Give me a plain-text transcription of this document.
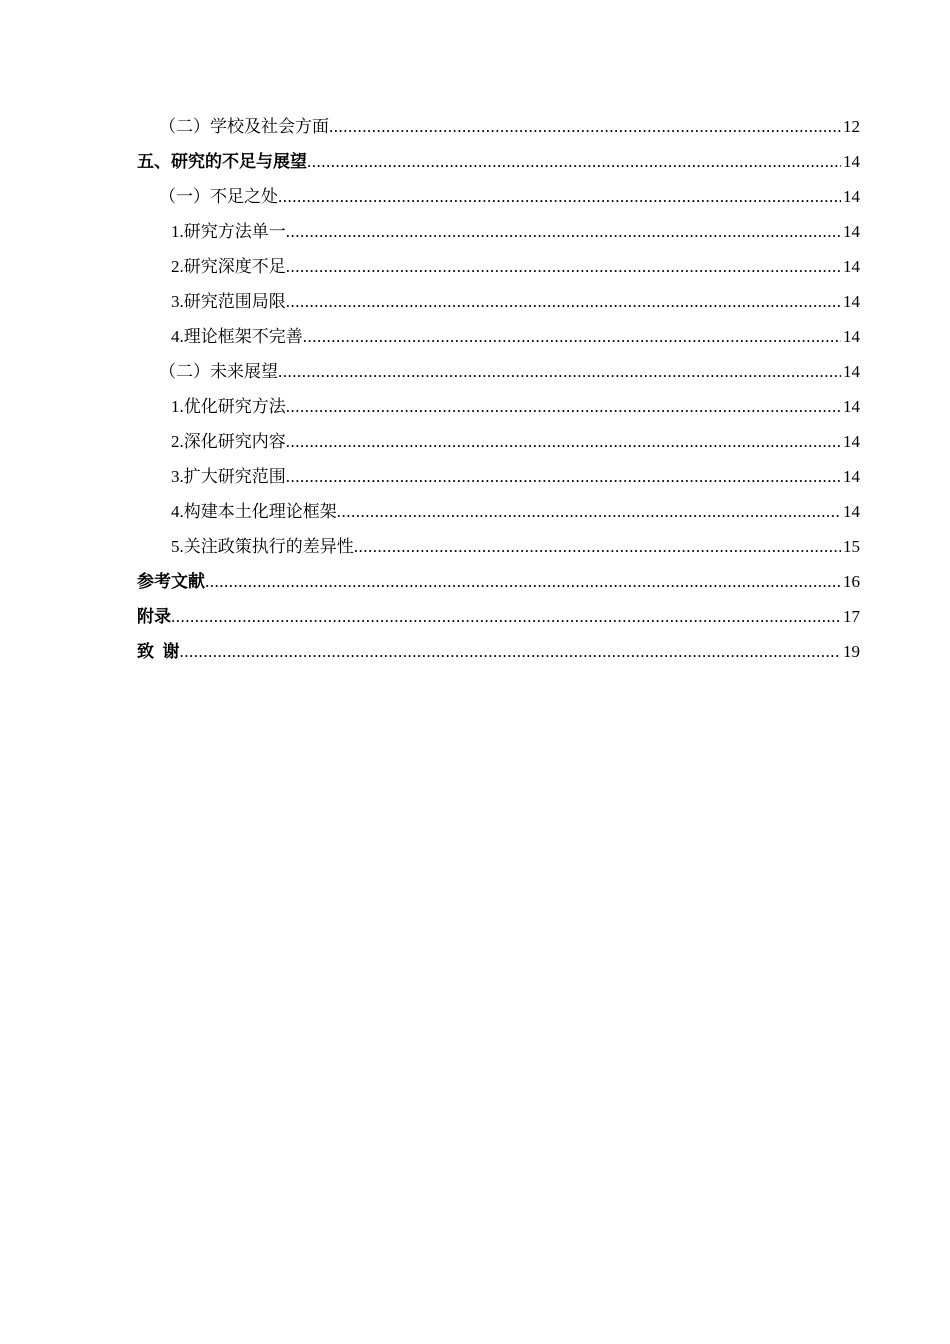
（二）学校及社会方面 .....	12
五、研究的不足与展望 .....	14
（一）不足之处 .....	14
1.研究方法单一 .....	14
2.研究深度不足 .....	14
3.研究范围局限 .....	14
4.理论框架不完善 .....	14
（二）未来展望 .....	14
1.优化研究方法 .....	14
2.深化研究内容 .....	14
3.扩大研究范围 .....	14
4.构建本土化理论框架 .....	14
5.关注政策执行的差异性 .....	15
参考文献 .....	16
附录 .....	17
致  谢 .....	19
